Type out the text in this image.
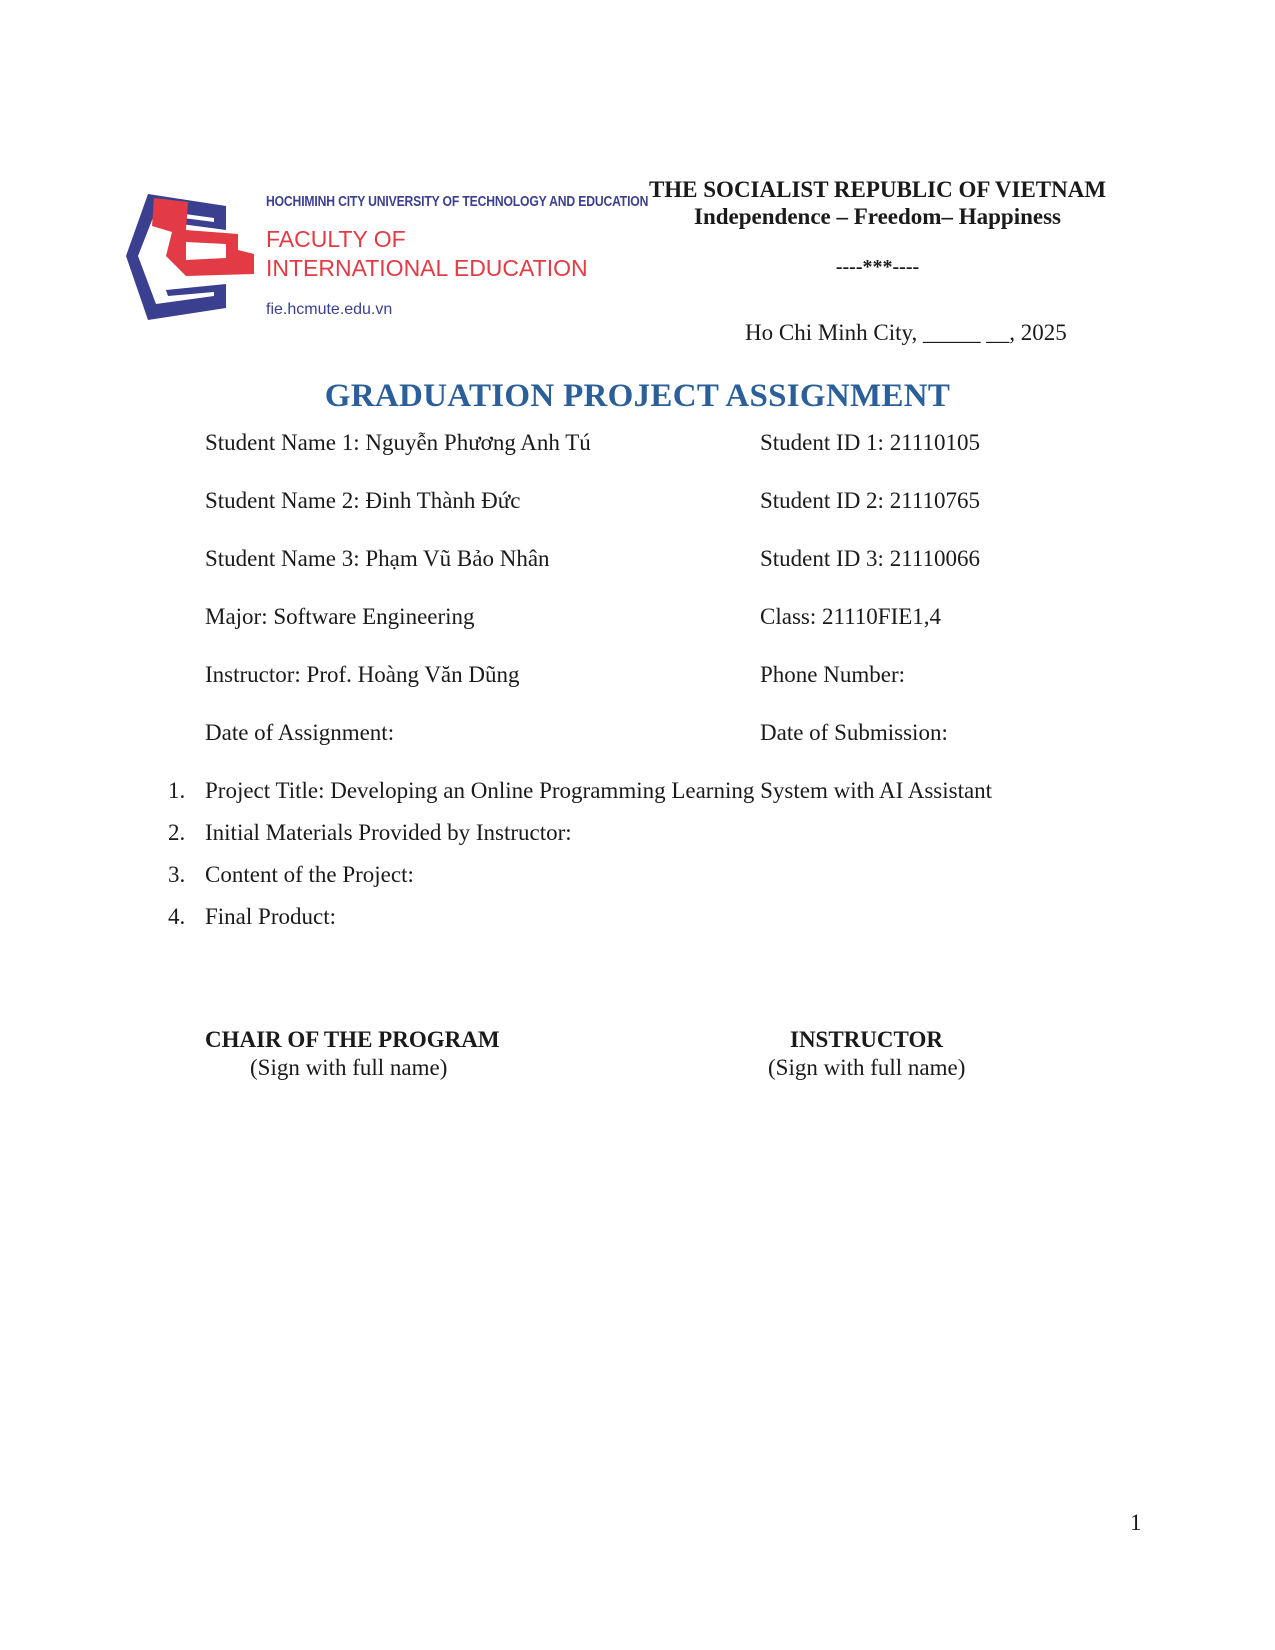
HOCHIMINH CITY UNIVERSITY OF TECHNOLOGY AND EDUCATION
FACULTY OF
INTERNATIONAL EDUCATION
fie.hcmute.edu.vn
THE SOCIALIST REPUBLIC OF VIETNAM
Independence – Freedom– Happiness
----***----
Ho Chi Minh City, _____ __, 2025
GRADUATION PROJECT ASSIGNMENT
Student Name 1: Nguyễn Phương Anh Tú	Student ID 1: 21110105
Student Name 2: Đinh Thành Đức	Student ID 2: 21110765
Student Name 3: Phạm Vũ Bảo Nhân	Student ID 3: 21110066
Major: Software Engineering	Class: 21110FIE1,4
Instructor: Prof. Hoàng Văn Dũng	Phone Number:
Date of Assignment:	Date of Submission:
1. Project Title: Developing an Online Programming Learning System with AI Assistant
2. Initial Materials Provided by Instructor:
3. Content of the Project:
4. Final Product:
CHAIR OF THE PROGRAM
(Sign with full name)
INSTRUCTOR
(Sign with full name)
1
